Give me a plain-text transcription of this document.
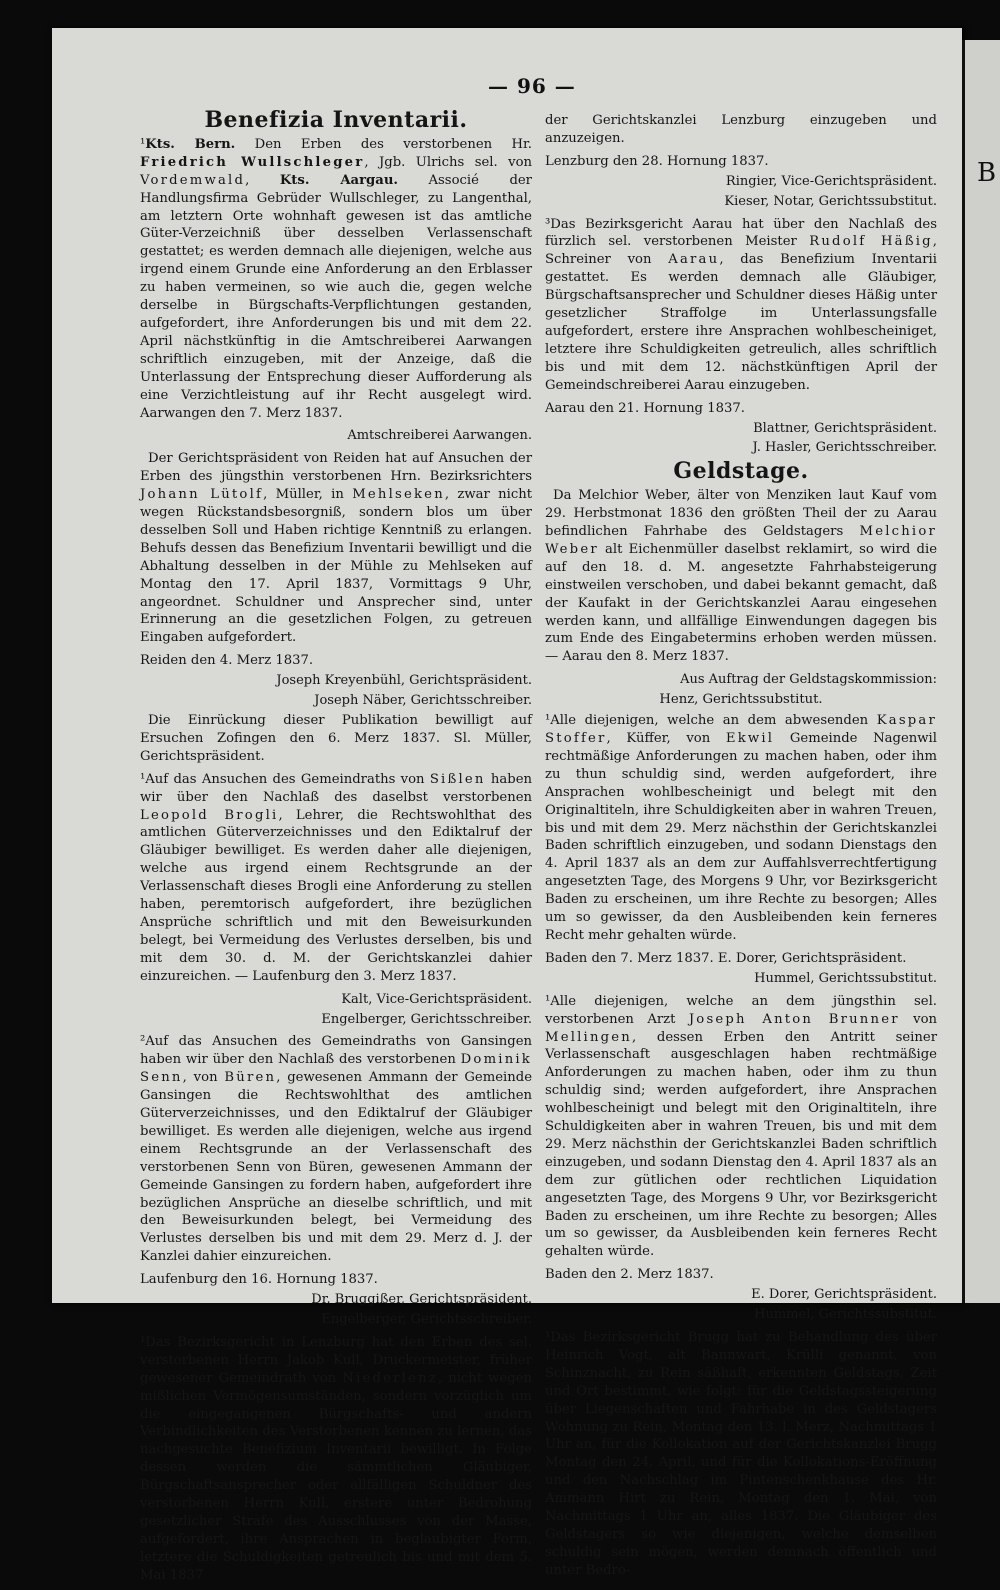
B
— 96 —
Benefizia Inventarii.

¹Kts. Bern. Den Erben des verstorbenen Hr. Friedrich Wullschleger, Jgb. Ulrichs sel. von Vordemwald, Kts. Aargau. Associé der Handlungsfirma Gebrüder Wullschleger, zu Langenthal, am letztern Orte wohnhaft gewesen ist das amtliche Güter-Verzeichniß über desselben Verlassenschaft gestattet; es werden demnach alle diejenigen, welche aus irgend einem Grunde eine Anforderung an den Erblasser zu haben vermeinen, so wie auch die, gegen welche derselbe in Bürgschafts-Verpflichtungen gestanden, aufgefordert, ihre Anforderungen bis und mit dem 22. April nächstkünftig in die Amtschreiberei Aarwangen schriftlich einzugeben, mit der Anzeige, daß die Unterlassung der Entsprechung dieser Aufforderung als eine Verzichtleistung auf ihr Recht ausgelegt wird. Aarwangen den 7. Merz 1837.

Amtschreiberei Aarwangen.

Der Gerichtspräsident von Reiden hat auf Ansuchen der Erben des jüngsthin verstorbenen Hrn. Bezirksrichters Johann Lütolf, Müller, in Mehlseken, zwar nicht wegen Rückstandsbesorgniß, sondern blos um über desselben Soll und Haben richtige Kenntniß zu erlangen. Behufs dessen das Benefizium Inventarii bewilligt und die Abhaltung desselben in der Mühle zu Mehlseken auf Montag den 17. April 1837, Vormittags 9 Uhr, angeordnet. Schuldner und Ansprecher sind, unter Erinnerung an die gesetzlichen Folgen, zu getreuen Eingaben aufgefordert.

Reiden den 4. Merz 1837.

Joseph Kreyenbühl, Gerichtspräsident.

Joseph Näber, Gerichtsschreiber.

Die Einrückung dieser Publikation bewilligt auf Ersuchen Zofingen den 6. Merz 1837. Sl. Müller, Gerichtspräsident.

¹Auf das Ansuchen des Gemeindraths von Sißlen haben wir über den Nachlaß des daselbst verstorbenen Leopold Brogli, Lehrer, die Rechtswohlthat des amtlichen Güterverzeichnisses und den Ediktalruf der Gläubiger bewilliget. Es werden daher alle diejenigen, welche aus irgend einem Rechtsgrunde an der Verlassenschaft dieses Brogli eine Anforderung zu stellen haben, peremtorisch aufgefordert, ihre bezüglichen Ansprüche schriftlich und mit den Beweisurkunden belegt, bei Vermeidung des Verlustes derselben, bis und mit dem 30. d. M. der Gerichtskanzlei dahier einzureichen. — Laufenburg den 3. Merz 1837.

Kalt, Vice-Gerichtspräsident.

Engelberger, Gerichtsschreiber.

²Auf das Ansuchen des Gemeindraths von Gansingen haben wir über den Nachlaß des verstorbenen Dominik Senn, von Büren, gewesenen Ammann der Gemeinde Gansingen die Rechtswohlthat des amtlichen Güterverzeichnisses, und den Ediktalruf der Gläubiger bewilliget. Es werden alle diejenigen, welche aus irgend einem Rechtsgrunde an der Verlassenschaft des verstorbenen Senn von Büren, gewesenen Ammann der Gemeinde Gansingen zu fordern haben, aufgefordert ihre bezüglichen Ansprüche an dieselbe schriftlich, und mit den Beweisurkunden belegt, bei Vermeidung des Verlustes derselben bis und mit dem 29. Merz d. J. der Kanzlei dahier einzureichen.

Laufenburg den 16. Hornung 1837.

Dr. Bruggißer, Gerichtspräsident.

Engelberger, Gerichtsschreiber.

¹Das Bezirksgericht in Lenzburg hat den Erben des sel. verstorbenen Herrn Jakob Kull, Druckermeister, früher gewesener Gemeindrath von Niederlenz, nicht wegen mißlichen Vermögensumständen, sondern vorzüglich um die eingegangenen Bürgschafts- und andern Verbindlichkeiten des Verstorbenen kennen zu lernen, das nachgesuchte Benefizium Inventarii bewilligt. In Folge dessen werden die sämmtlichen Gläubiger, Bürgschaftsansprecher oder allfälligen Schuldner des verstorbenen Herrn Kull, erstere unter Bedrohung gesetzlicher Strafe des Ausschlusses von der Masse, aufgefordert, ihre Ansprachen in beglaubigter Form, letztere die Schuldigkeiten getreulich bis und mit dem 5. Mai 1837

der Gerichtskanzlei Lenzburg einzugeben und anzuzeigen.

Lenzburg den 28. Hornung 1837.

Ringier, Vice-Gerichtspräsident.

Kieser, Notar, Gerichtssubstitut.

³Das Bezirksgericht Aarau hat über den Nachlaß des fürzlich sel. verstorbenen Meister Rudolf Häßig, Schreiner von Aarau, das Benefizium Inventarii gestattet. Es werden demnach alle Gläubiger, Bürgschaftsansprecher und Schuldner dieses Häßig unter gesetzlicher Straffolge im Unterlassungsfalle aufgefordert, erstere ihre Ansprachen wohlbescheiniget, letztere ihre Schuldigkeiten getreulich, alles schriftlich bis und mit dem 12. nächstkünftigen April der Gemeindschreiberei Aarau einzugeben.

Aarau den 21. Hornung 1837.

Blattner, Gerichtspräsident.

J. Hasler, Gerichtsschreiber.

Geldstage.

Da Melchior Weber, älter von Menziken laut Kauf vom 29. Herbstmonat 1836 den größten Theil der zu Aarau befindlichen Fahrhabe des Geldstagers Melchior Weber alt Eichenmüller daselbst reklamirt, so wird die auf den 18. d. M. angesetzte Fahrhabsteigerung einstweilen verschoben, und dabei bekannt gemacht, daß der Kaufakt in der Gerichtskanzlei Aarau eingesehen werden kann, und allfällige Einwendungen dagegen bis zum Ende des Eingabetermins erhoben werden müssen. — Aarau den 8. Merz 1837.

Aus Auftrag der Geldstagskommission:

Henz, Gerichtssubstitut.

¹Alle diejenigen, welche an dem abwesenden Kaspar Stoffer, Küffer, von Ekwil Gemeinde Nagenwil rechtmäßige Anforderungen zu machen haben, oder ihm zu thun schuldig sind, werden aufgefordert, ihre Ansprachen wohlbescheinigt und belegt mit den Originaltiteln, ihre Schuldigkeiten aber in wahren Treuen, bis und mit dem 29. Merz nächsthin der Gerichtskanzlei Baden schriftlich einzugeben, und sodann Dienstags den 4. April 1837 als an dem zur Auffahlsverrechtfertigung angesetzten Tage, des Morgens 9 Uhr, vor Bezirksgericht Baden zu erscheinen, um ihre Rechte zu besorgen; Alles um so gewisser, da den Ausbleibenden kein ferneres Recht mehr gehalten würde.

Baden den 7. Merz 1837. E. Dorer, Gerichtspräsident.

Hummel, Gerichtssubstitut.

¹Alle diejenigen, welche an dem jüngsthin sel. verstorbenen Arzt Joseph Anton Brunner von Mellingen, dessen Erben den Antritt seiner Verlassenschaft ausgeschlagen haben rechtmäßige Anforderungen zu machen haben, oder ihm zu thun schuldig sind; werden aufgefordert, ihre Ansprachen wohlbescheinigt und belegt mit den Originaltiteln, ihre Schuldigkeiten aber in wahren Treuen, bis und mit dem 29. Merz nächsthin der Gerichtskanzlei Baden schriftlich einzugeben, und sodann Dienstag den 4. April 1837 als an dem zur gütlichen oder rechtlichen Liquidation angesetzten Tage, des Morgens 9 Uhr, vor Bezirksgericht Baden zu erscheinen, um ihre Rechte zu besorgen; Alles um so gewisser, da Ausbleibenden kein ferneres Recht gehalten würde.

Baden den 2. Merz 1837.

E. Dorer, Gerichtspräsident.

Hummel, Gerichtssubstitut.

¹Das Bezirksgericht Brugg hat zu Behandlung des über Heinrich Vogt, alt Bannwart, Krülli genannt, von Schinznacht, zu Rein säßhaft, erkennten Geldstags, Zeit und Ort bestimmt, wie folgt: für die Geldstagssteigerung über Liegenschaften und Fahrhabe in des Geldstagers Wohnung zu Rein, Montag den 13. l. Merz, Nachmittags 1 Uhr an, für die Kollokation auf der Gerichtskanzlei Brugg Montag den 24. April, und für die Kollokations-Eröffnung und den Nachschlag im Pintenschenkhause des Hr. Ammann Hirt zu Rein, Montag den 1. Mai, von Nachmittags 1 Uhr an, alles 1837. Die Gläubiger des Geldstagers so wie diejenigen, welche demselben schuldig sein mögen, werden demnach öffentlich und unter Bedro-
